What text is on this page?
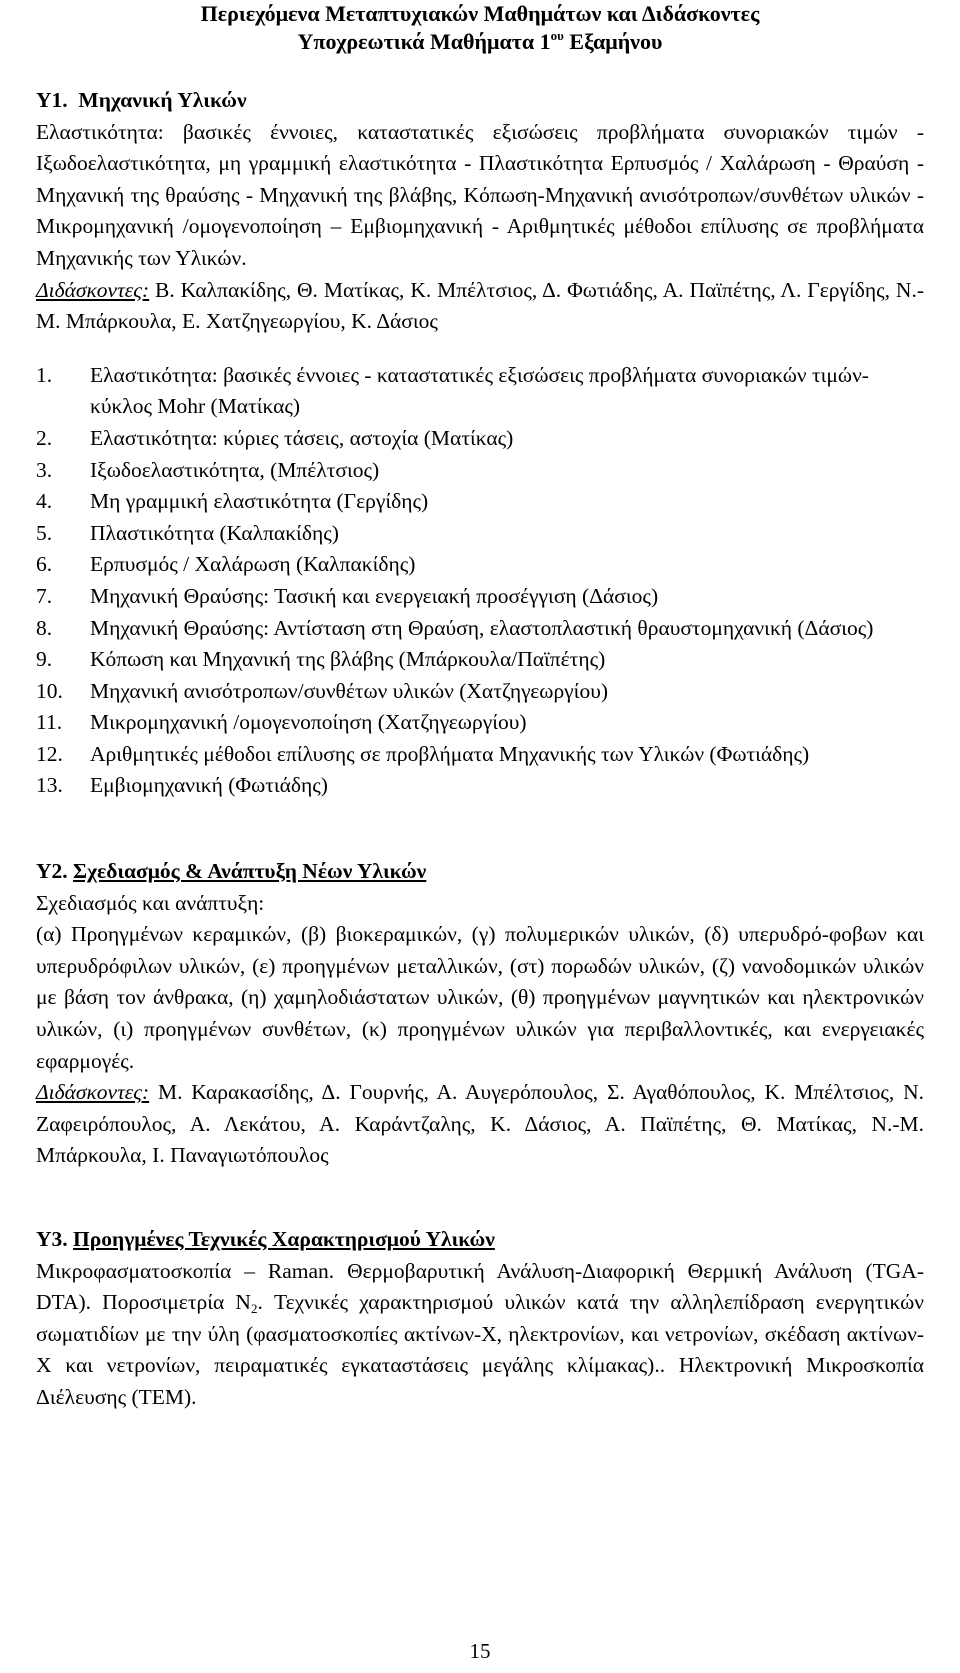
Περιεχόμενα Μεταπτυχιακών Μαθημάτων και Διδάσκοντες
Υποχρεωτικά Μαθήματα $1^{o\upsilon}$ Εξαμήνου
Υ1. Μηχανική Υλικών
Ελαστικότητα: βασικές έννοιες, καταστατικές εξισώσεις προβλήματα συνοριακών τιμών - Ιξωδοελαστικότητα, μη γραμμική ελαστικότητα - Πλαστικότητα Ερπυσμός / Χαλάρωση - Θραύση - Μηχανική της θραύσης - Μηχανική της βλάβης, Κόπωση-Μηχανική ανισότροπων/συνθέτων υλικών - Μικρομηχανική /ομογενοποίηση – Εμβιομηχανική - Αριθμητικές μέθοδοι επίλυσης σε προβλήματα Μηχανικής των Υλικών.
Διδάσκοντες: Β. Καλπακίδης, Θ. Ματίκας, Κ. Μπέλτσιος, Δ. Φωτιάδης, Α. Παϊπέτης, Λ. Γεργίδης, Ν.-Μ. Μπάρκουλα, Ε. Χατζηγεωργίου, Κ. Δάσιος
1. Ελαστικότητα: βασικές έννοιες - καταστατικές εξισώσεις προβλήματα συνοριακών τιμών-κύκλος Mohr (Ματίκας)
2. Ελαστικότητα: κύριες τάσεις, αστοχία (Ματίκας)
3. Ιξωδοελαστικότητα, (Μπέλτσιος)
4. Μη γραμμική ελαστικότητα (Γεργίδης)
5. Πλαστικότητα (Καλπακίδης)
6. Ερπυσμός / Χαλάρωση (Καλπακίδης)
7. Μηχανική Θραύσης: Τασική και ενεργειακή προσέγγιση (Δάσιος)
8. Μηχανική Θραύσης: Αντίσταση στη Θραύση, ελαστοπλαστική θραυστομηχανική (Δάσιος)
9. Κόπωση και Μηχανική της βλάβης (Μπάρκουλα/Παϊπέτης)
10. Μηχανική ανισότροπων/συνθέτων υλικών (Χατζηγεωργίου)
11. Μικρομηχανική /ομογενοποίηση (Χατζηγεωργίου)
12. Αριθμητικές μέθοδοι επίλυσης σε προβλήματα Μηχανικής των Υλικών (Φωτιάδης)
13. Εμβιομηχανική (Φωτιάδης)
Υ2. Σχεδιασμός & Ανάπτυξη Νέων Υλικών
Σχεδιασμός και ανάπτυξη:
(α) Προηγμένων κεραμικών, (β) βιοκεραμικών, (γ) πολυμερικών υλικών, (δ) υπερυδρό-φοβων και υπερυδρόφιλων υλικών, (ε) προηγμένων μεταλλικών, (στ) πορωδών υλικών, (ζ) νανοδομικών υλικών με βάση τον άνθρακα, (η) χαμηλοδιάστατων υλικών, (θ) προηγμένων μαγνητικών και ηλεκτρονικών υλικών, (ι) προηγμένων συνθέτων, (κ) προηγμένων υλικών για περιβαλλοντικές, και ενεργειακές εφαρμογές.
Διδάσκοντες: Μ. Καρακασίδης, Δ. Γουρνής, Α. Αυγερόπουλος, Σ. Αγαθόπουλος, Κ. Μπέλτσιος, Ν. Ζαφειρόπουλος, Α. Λεκάτου, Α. Καράντζαλης, Κ. Δάσιος, Α. Παϊπέτης, Θ. Ματίκας, Ν.-Μ. Μπάρκουλα, Ι. Παναγιωτόπουλος
Υ3. Προηγμένες Τεχνικές Χαρακτηρισμού Υλικών
Μικροφασματοσκοπία – Raman. Θερμοβαρυτική Ανάλυση-Διαφορική Θερμική Ανάλυση (TGA-DTA). Πoροσιμετρία $N_2$. Τεχνικές χαρακτηρισμού υλικών κατά την αλληλεπίδραση ενεργητικών σωματιδίων με την ύλη (φασματοσκοπίες ακτίνων-Χ, ηλεκτρονίων, και νετρονίων, σκέδαση ακτίνων-Χ και νετρονίων, πειραματικές εγκαταστάσεις μεγάλης κλίμακας).. Ηλεκτρονική Μικροσκοπία Διέλευσης (ΤΕΜ).
15
